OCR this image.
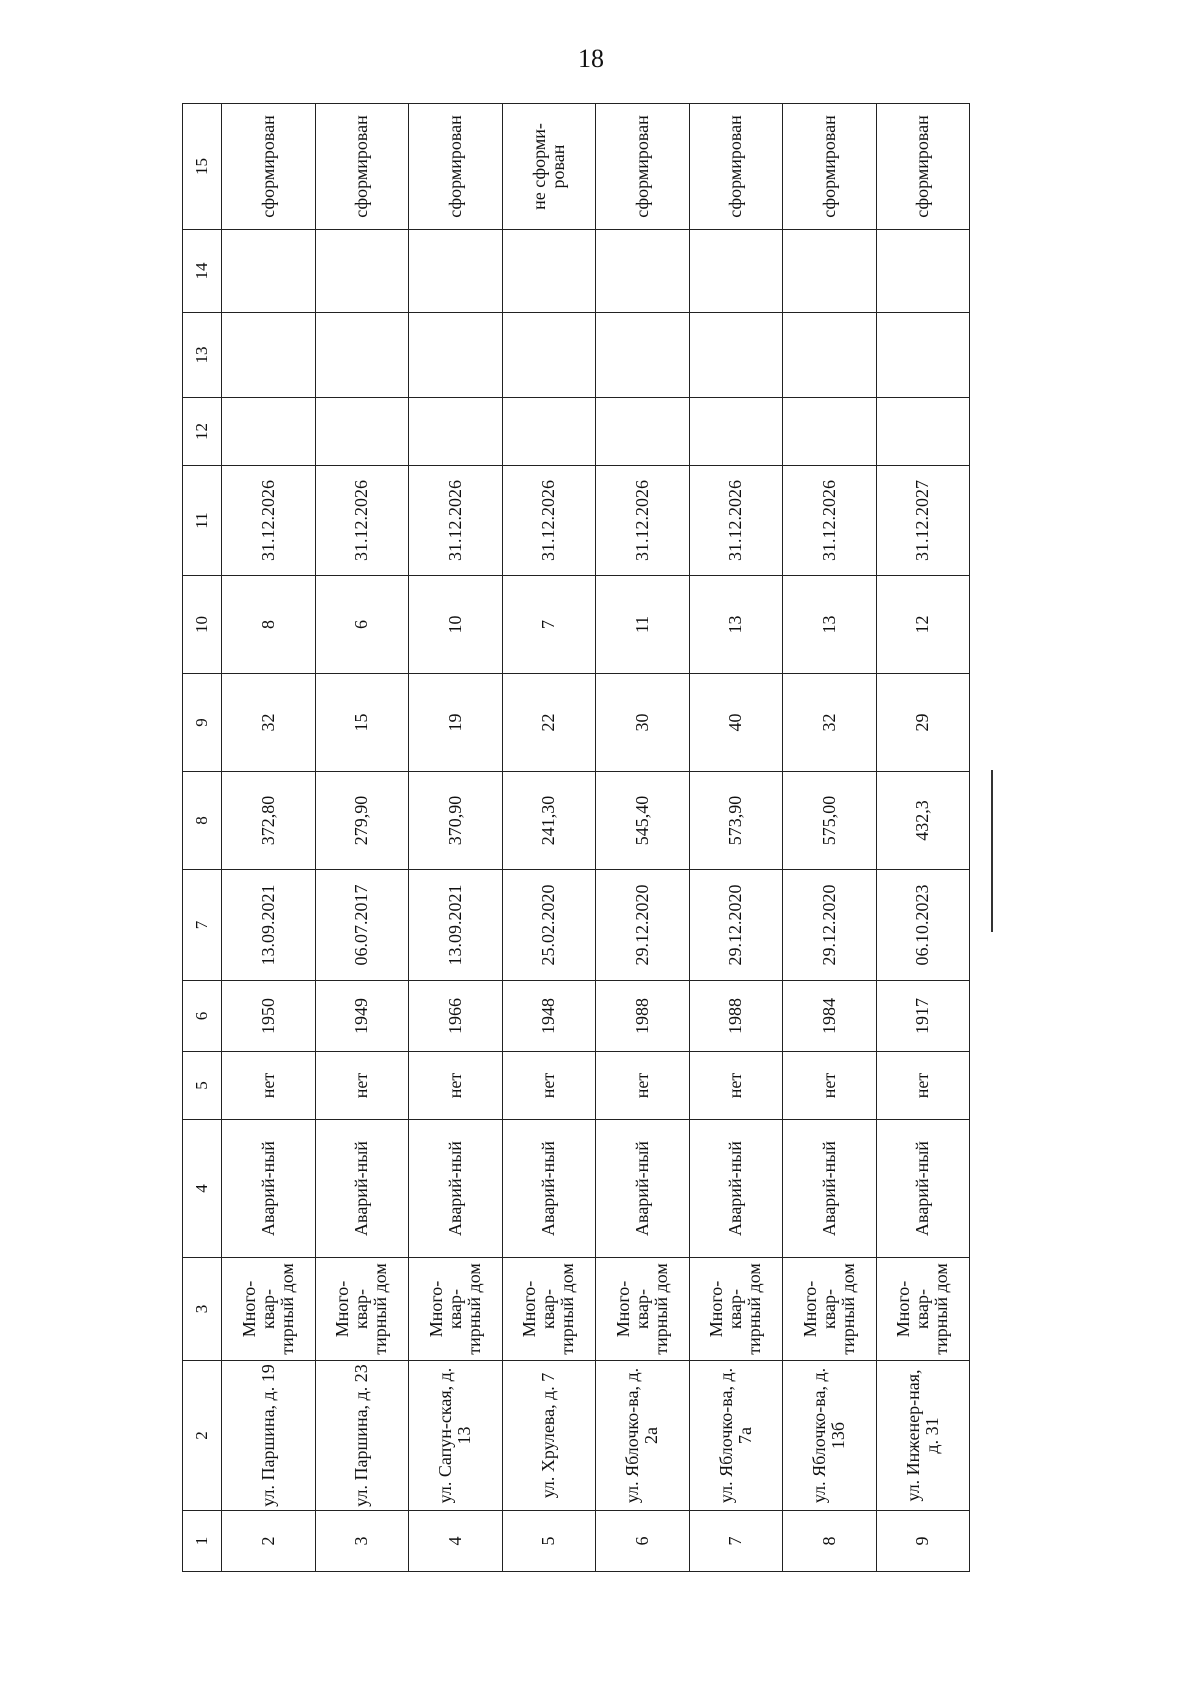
18
1	2	3	4	5	6	7	8	9	10	11	12	13	14	15
2	ул. Паршина, д. 19	Много-квар-тирный дом	Аварий-ный	нет	1950	13.09.2021	372,80	32	8	31.12.2026				сформирован
3	ул. Паршина, д. 23	Много-квар-тирный дом	Аварий-ный	нет	1949	06.07.2017	279,90	15	6	31.12.2026				сформирован
4	ул. Сапун-ская, д. 13	Много-квар-тирный дом	Аварий-ный	нет	1966	13.09.2021	370,90	19	10	31.12.2026				сформирован
5	ул. Хрулева, д. 7	Много-квар-тирный дом	Аварий-ный	нет	1948	25.02.2020	241,30	22	7	31.12.2026				не сформи-рован
6	ул. Яблочко-ва, д. 2а	Много-квар-тирный дом	Аварий-ный	нет	1988	29.12.2020	545,40	30	11	31.12.2026				сформирован
7	ул. Яблочко-ва, д. 7а	Много-квар-тирный дом	Аварий-ный	нет	1988	29.12.2020	573,90	40	13	31.12.2026				сформирован
8	ул. Яблочко-ва, д. 13б	Много-квар-тирный дом	Аварий-ный	нет	1984	29.12.2020	575,00	32	13	31.12.2026				сформирован
9	ул. Инженер-ная, д. 31	Много-квар-тирный дом	Аварий-ный	нет	1917	06.10.2023	432,3	29	12	31.12.2027				сформирован
